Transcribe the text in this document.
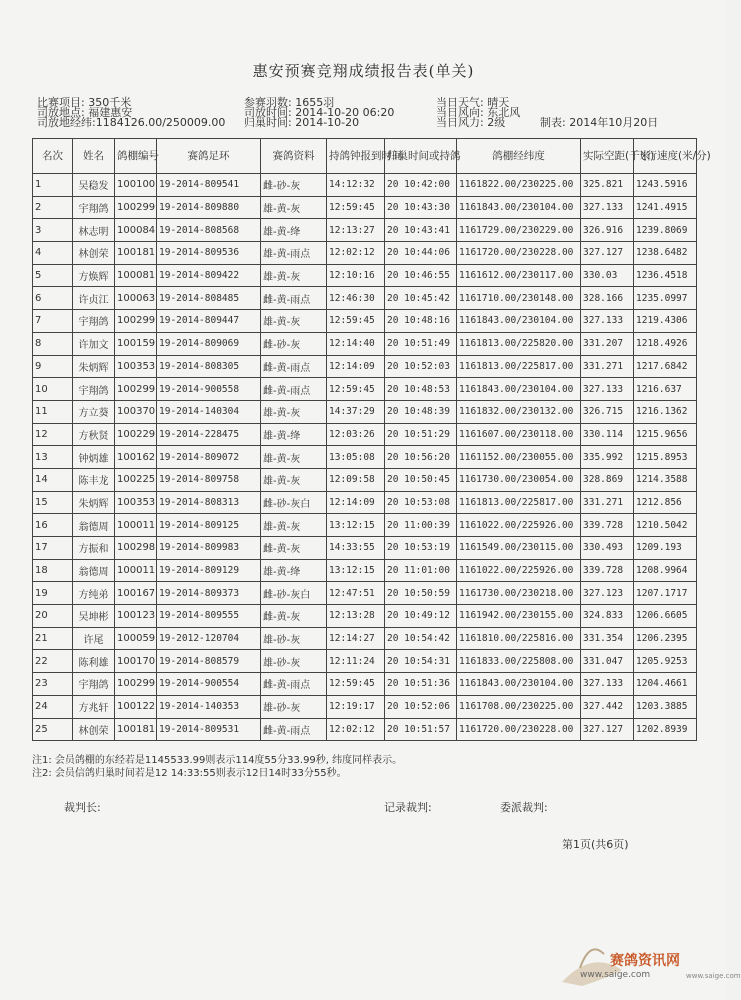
惠安预赛竞翔成绩报告表(单关)
比赛项目: 350千米
司放地点: 福建惠安
司放地经纬:1184126.00/250009.00
参赛羽数: 1655羽
司放时间: 2014-10-20 06:20
归巢时间: 2014-10-20
当日天气: 晴天
当日风向: 东北风
当日风力: 2级	制表: 2014年10月20日
名次	姓名	鸽棚编号	赛鸽足环	赛鸽资料	持鸽钟报到时间	归巢时间或持鸽	鸽棚经纬度	实际空距(千米)	飞行速度(米/分)
1	吴稳发	100100	19-2014-809541	雌-砂-灰	14:12:32	20 10:42:00	1161822.00/230225.00	325.821	1243.5916
2	宇翔鸽	100299	19-2014-809880	雄-黄-灰	12:59:45	20 10:43:30	1161843.00/230104.00	327.133	1241.4915
3	林志明	100084	19-2014-808568	雄-黄-绛	12:13:27	20 10:43:41	1161729.00/230229.00	326.916	1239.8069
4	林创荣	100181	19-2014-809536	雄-黄-雨点	12:02:12	20 10:44:06	1161720.00/230228.00	327.127	1238.6482
5	方焕辉	100081	19-2014-809422	雄-黄-灰	12:10:16	20 10:46:55	1161612.00/230117.00	330.03	1236.4518
6	许贞江	100063	19-2014-808485	雌-黄-雨点	12:46:30	20 10:45:42	1161710.00/230148.00	328.166	1235.0997
7	宇翔鸽	100299	19-2014-809447	雄-黄-灰	12:59:45	20 10:48:16	1161843.00/230104.00	327.133	1219.4306
8	许加文	100159	19-2014-809069	雌-砂-灰	12:14:40	20 10:51:49	1161813.00/225820.00	331.207	1218.4926
9	朱炳辉	100353	19-2014-808305	雌-黄-雨点	12:14:09	20 10:52:03	1161813.00/225817.00	331.271	1217.6842
10	宇翔鸽	100299	19-2014-900558	雌-黄-雨点	12:59:45	20 10:48:53	1161843.00/230104.00	327.133	1216.637
11	方立葵	100370	19-2014-140304	雄-黄-灰	14:37:29	20 10:48:39	1161832.00/230132.00	326.715	1216.1362
12	方秋贤	100229	19-2014-228475	雄-黄-绛	12:03:26	20 10:51:29	1161607.00/230118.00	330.114	1215.9656
13	钟炳雄	100162	19-2014-809072	雄-黄-灰	13:05:08	20 10:56:20	1161152.00/230055.00	335.992	1215.8953
14	陈丰龙	100225	19-2014-809758	雄-黄-灰	12:09:58	20 10:50:45	1161730.00/230054.00	328.869	1214.3588
15	朱炳辉	100353	19-2014-808313	雌-砂-灰白	12:14:09	20 10:53:08	1161813.00/225817.00	331.271	1212.856
16	翁德周	100011	19-2014-809125	雄-黄-灰	13:12:15	20 11:00:39	1161022.00/225926.00	339.728	1210.5042
17	方振和	100298	19-2014-809983	雌-黄-灰	14:33:55	20 10:53:19	1161549.00/230115.00	330.493	1209.193
18	翁德周	100011	19-2014-809129	雄-黄-绛	13:12:15	20 11:01:00	1161022.00/225926.00	339.728	1208.9964
19	方纯弟	100167	19-2014-809373	雌-砂-灰白	12:47:51	20 10:50:59	1161730.00/230218.00	327.123	1207.1717
20	吴坤彬	100123	19-2014-809555	雌-黄-灰	12:13:28	20 10:49:12	1161942.00/230155.00	324.833	1206.6605
21	许尾	100059	19-2012-120704	雄-砂-灰	12:14:27	20 10:54:42	1161810.00/225816.00	331.354	1206.2395
22	陈利雄	100170	19-2014-808579	雄-砂-灰	12:11:24	20 10:54:31	1161833.00/225808.00	331.047	1205.9253
23	宇翔鸽	100299	19-2014-900554	雌-黄-雨点	12:59:45	20 10:51:36	1161843.00/230104.00	327.133	1204.4661
24	方兆轩	100122	19-2014-140353	雄-砂-灰	12:19:17	20 10:52:06	1161708.00/230225.00	327.442	1203.3885
25	林创荣	100181	19-2014-809531	雌-黄-雨点	12:02:12	20 10:51:57	1161720.00/230228.00	327.127	1202.8939
注1: 会员鸽棚的东经若是1145533.99则表示114度55分33.99秒, 纬度同样表示。
注2: 会员信鸽归巢时间若是12 14:33:55则表示12日14时33分55秒。
裁判长:	记录裁判:	委派裁判:
第1页(共6页)
赛鸽资讯网
www.saige.com	www.saige.com
